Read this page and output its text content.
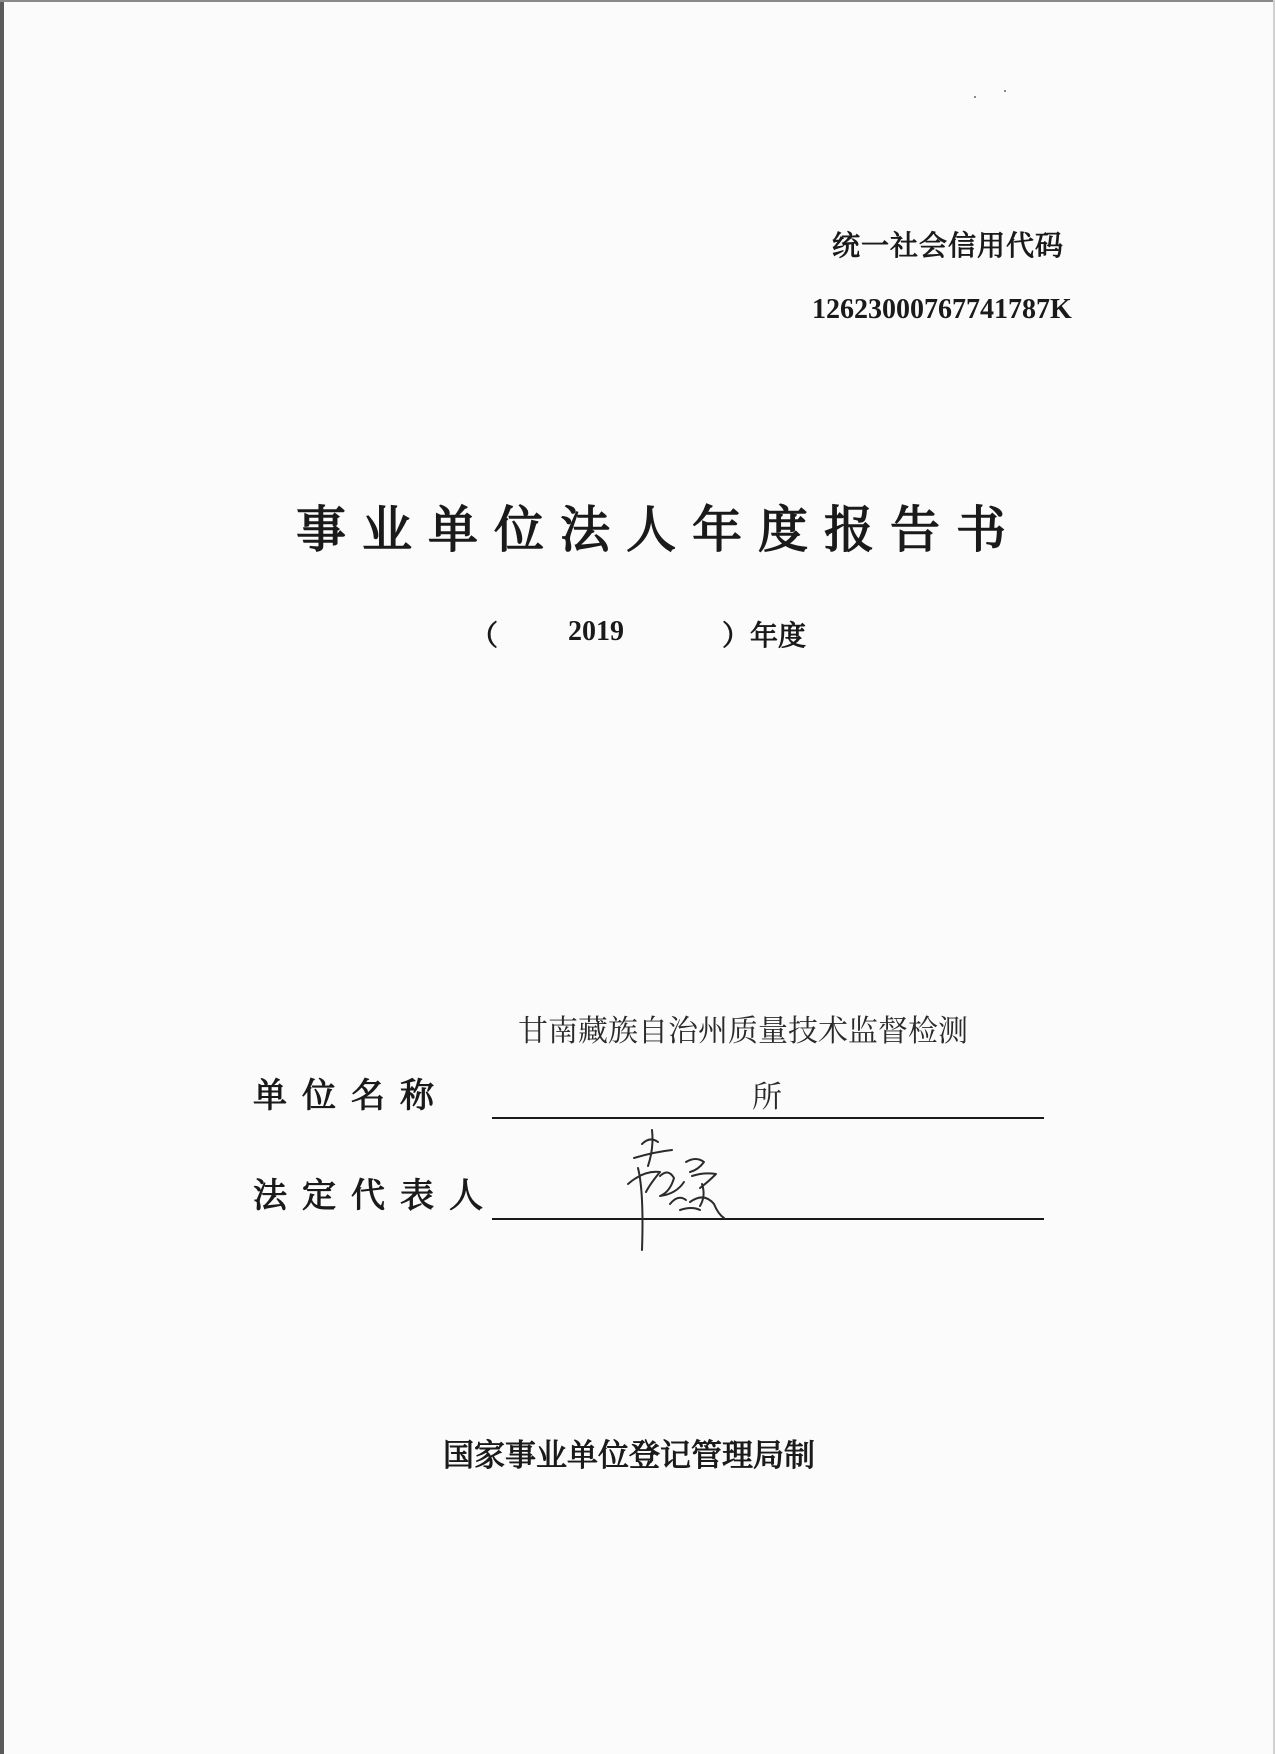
统一社会信用代码
12623000767741787K
事业单位法人年度报告书
（ 2019	）年度
甘南藏族自治州质量技术监督检测
单位名称	所
法定代表人
国家事业单位登记管理局制
